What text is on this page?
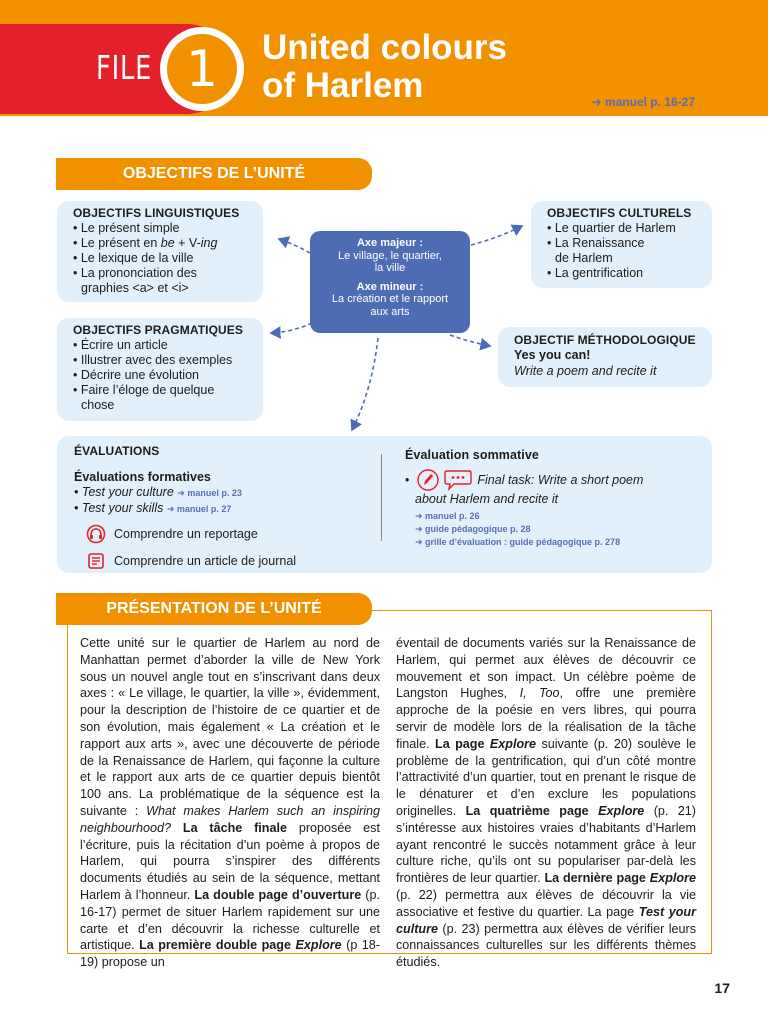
FILE 1	United colours
of Harlem	➜ manuel p. 16-27
OBJECTIFS DE L’UNITÉ
OBJECTIFS LINGUISTIQUES
• Le présent simple
• Le présent en be + V-ing
• Le lexique de la ville
• La prononciation des
graphies <a> et <i>
OBJECTIFS PRAGMATIQUES
• Écrire un article
• Illustrer avec des exemples
• Décrire une évolution
• Faire l’éloge de quelque
chose
OBJECTIFS CULTURELS
• Le quartier de Harlem
• La Renaissance
de Harlem
• La gentrification
OBJECTIF MÉTHODOLOGIQUE
Yes you can!
Write a poem and recite it
Axe majeur :
Le village, le quartier,
la ville
Axe mineur :
La création et le rapport
aux arts
ÉVALUATIONS
Évaluations formatives
• Test your culture ➜ manuel p. 23
• Test your skills ➜ manuel p. 27
Comprendre un reportage
Comprendre un article de journal
Évaluation sommative
•	Final task: Write a short poem
about Harlem and recite it
➜ manuel p. 26
➜ guide pédagogique p. 28
➜ grille d’évaluation : guide pédagogique p. 278
PRÉSENTATION DE L’UNITÉ
Cette unité sur le quartier de Harlem au nord de Manhattan permet d’aborder la ville de New York sous un nouvel angle tout en s’inscrivant dans deux axes : « Le village, le quartier, la ville », évidemment, pour la description de l’histoire de ce quartier et de son évolution, mais également « La création et le rapport aux arts », avec une découverte de période de la Renaissance de Harlem, qui façonne la culture et le rapport aux arts de ce quartier depuis bientôt 100 ans. La problématique de la séquence est la suivante : What makes Harlem such an inspiring neighbourhood? La tâche finale proposée est l’écriture, puis la récitation d’un poème à propos de Harlem, qui pourra s’inspirer des différents documents étudiés au sein de la séquence, mettant Harlem à l’honneur. La double page d’ouverture (p. 16-17) permet de situer Harlem rapidement sur une carte et d’en découvrir la richesse culturelle et artistique. La première double page Explore (p 18-19) propose un
éventail de documents variés sur la Renaissance de Harlem, qui permet aux élèves de découvrir ce mouvement et son impact. Un célèbre poème de Langston Hughes, I, Too, offre une première approche de la poésie en vers libres, qui pourra servir de modèle lors de la réalisation de la tâche finale. La page Explore suivante (p. 20) soulève le problème de la gentrification, qui d’un côté montre l’attractivité d’un quartier, tout en prenant le risque de le dénaturer et d’en exclure les populations originelles. La quatrième page Explore (p. 21) s’intéresse aux histoires vraies d’habitants d’Harlem ayant rencontré le succès notamment grâce à leur culture riche, qu’ils ont su populariser par-delà les frontières de leur quartier. La dernière page Explore (p. 22) permettra aux élèves de découvrir la vie associative et festive du quartier. La page Test your culture (p. 23) permettra aux élèves de vérifier leurs connaissances culturelles sur les différents thèmes étudiés.
17
